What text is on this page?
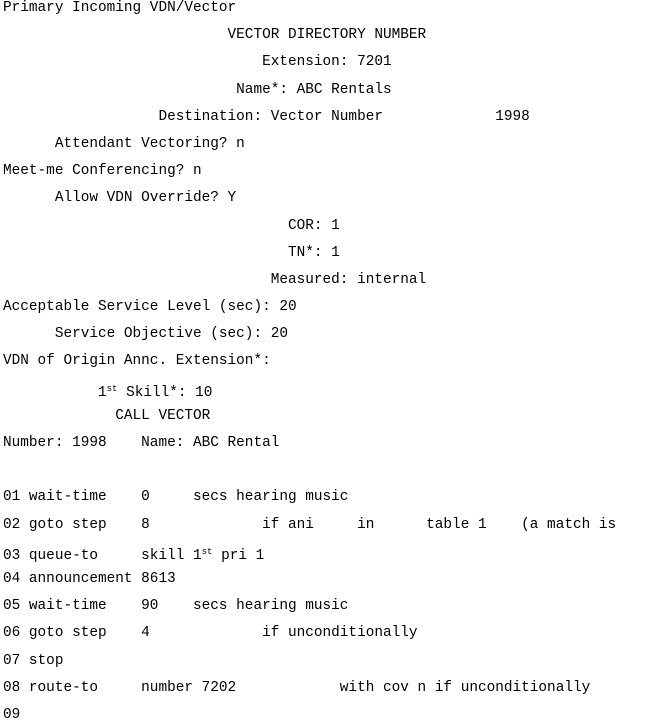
Primary Incoming VDN/Vector
VECTOR DIRECTORY NUMBER
Extension: 7201
Name*: ABC Rentals
Destination: Vector Number             1998
Attendant Vectoring? n
Meet-me Conferencing? n
Allow VDN Override? Y
COR: 1
TN*: 1
Measured: internal
Acceptable Service Level (sec): 20
Service Objective (sec): 20
VDN of Origin Annc. Extension*:
1st Skill*: 10
CALL VECTOR
Number: 1998    Name: ABC Rental
01 wait-time    0     secs hearing music
02 goto step    8             if ani     in      table 1    (a match is
03 queue-to     skill 1st pri 1
04 announcement 8613
05 wait-time    90    secs hearing music
06 goto step    4             if unconditionally
07 stop
08 route-to     number 7202            with cov n if unconditionally
09
